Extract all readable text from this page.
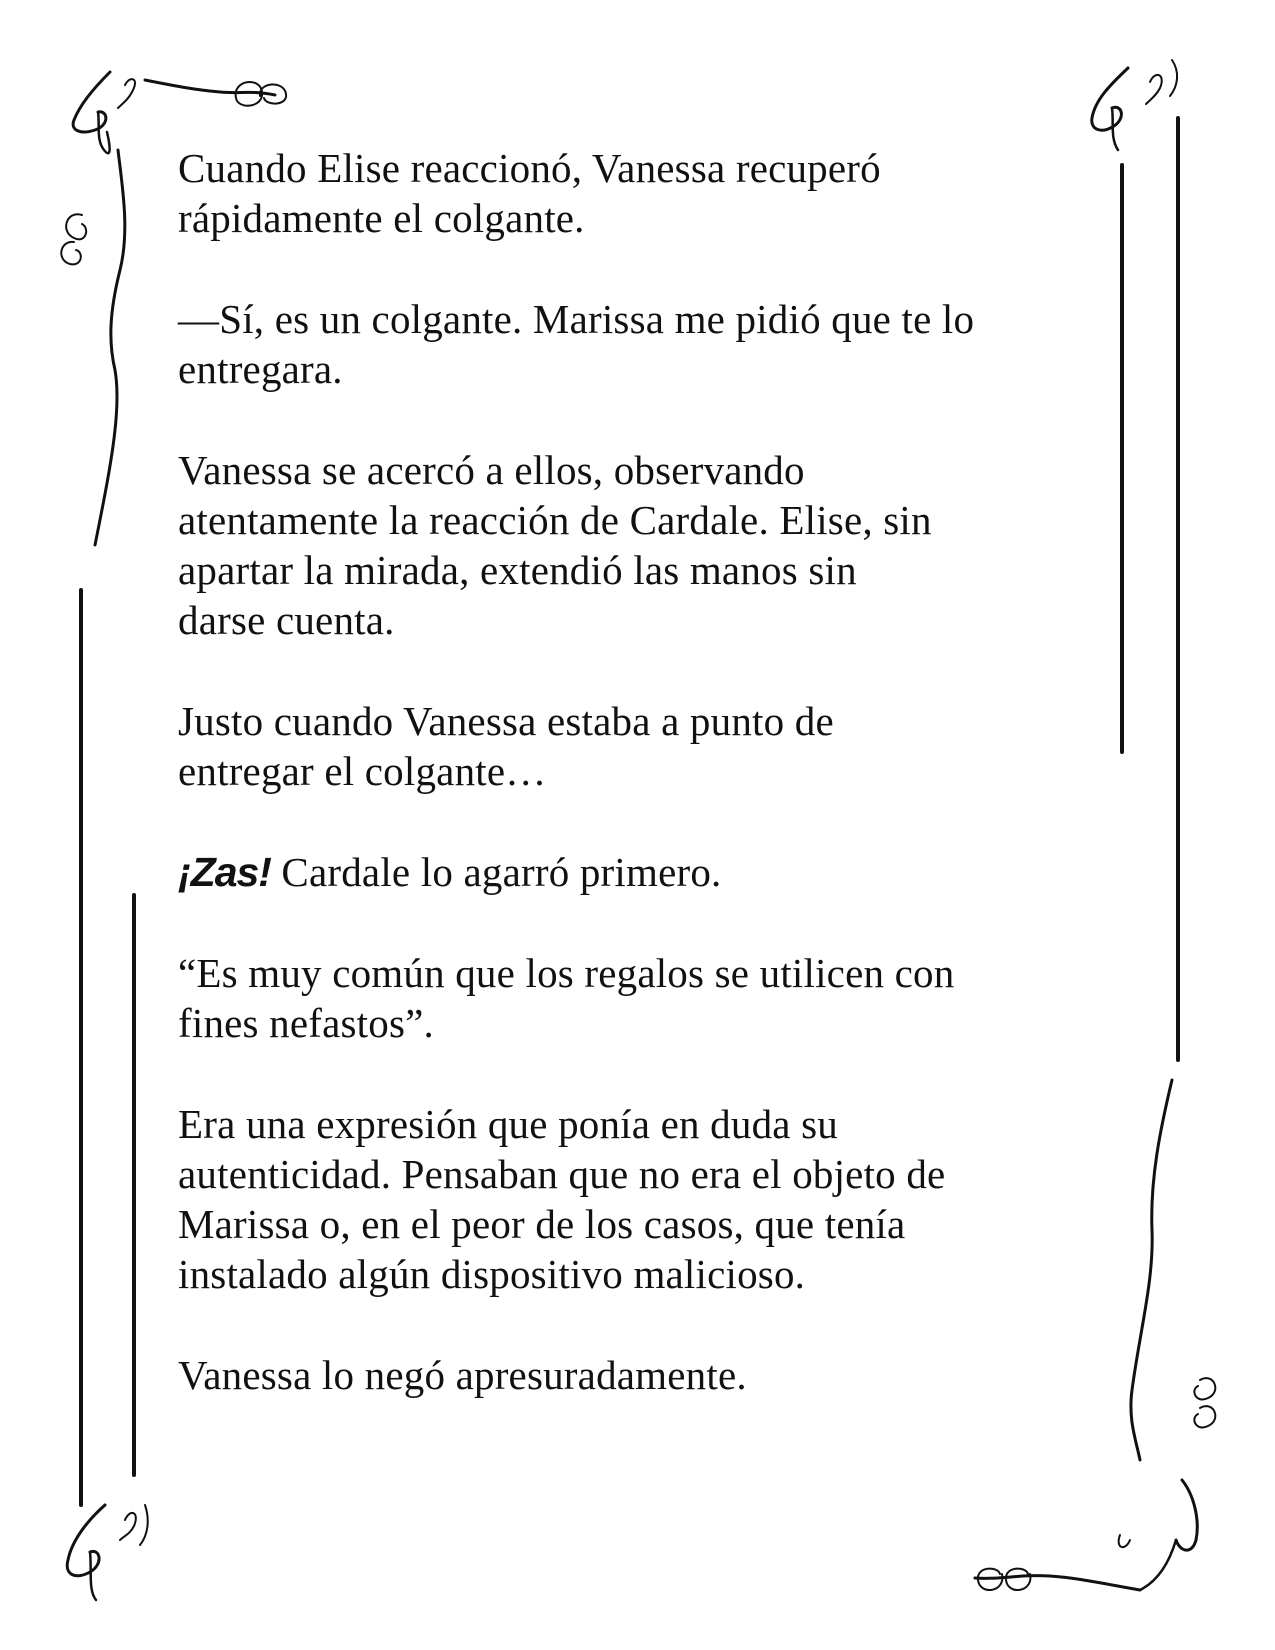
Cuando Elise reaccionó, Vanessa recuperó
rápidamente el colgante.

—Sí, es un colgante. Marissa me pidió que te lo
entregara.

Vanessa se acercó a ellos, observando
atentamente la reacción de Cardale. Elise, sin
apartar la mirada, extendió las manos sin
darse cuenta.

Justo cuando Vanessa estaba a punto de
entregar el colgante…

¡Zas! Cardale lo agarró primero.

“Es muy común que los regalos se utilicen con
fines nefastos”.

Era una expresión que ponía en duda su
autenticidad. Pensaban que no era el objeto de
Marissa o, en el peor de los casos, que tenía
instalado algún dispositivo malicioso.

Vanessa lo negó apresuradamente.
